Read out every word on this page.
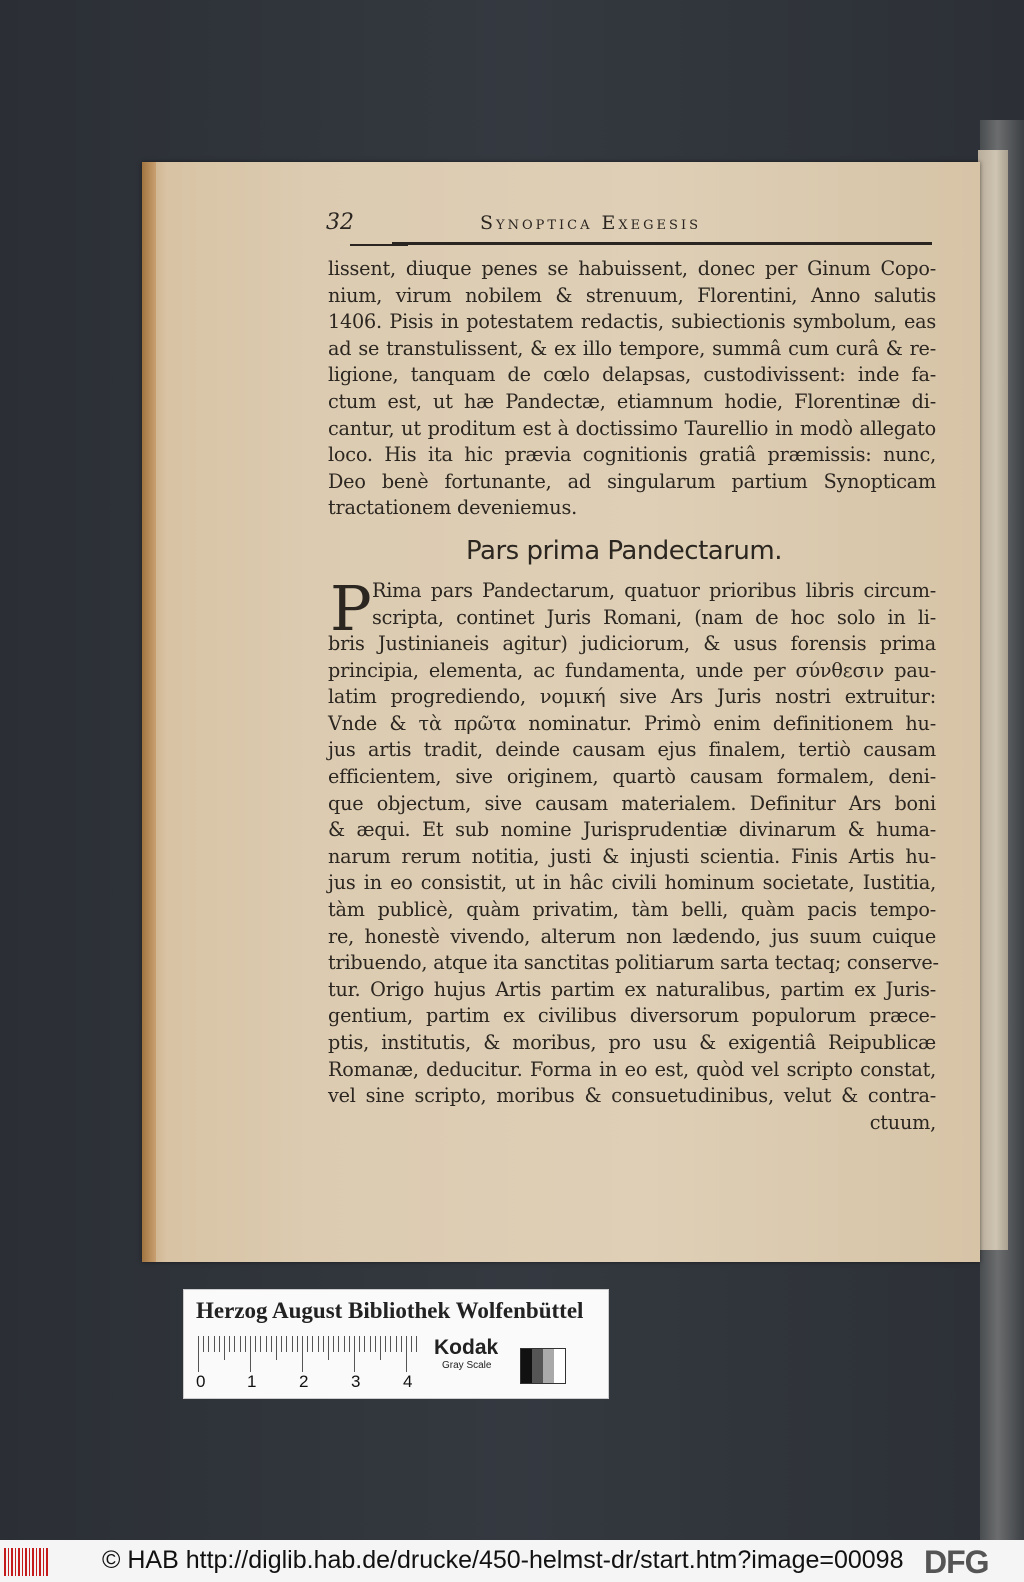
32	Synoptica Exegesis
lissent, diuque penes se habuissent, donec per Ginum Copo-
nium, virum nobilem & strenuum, Florentini, Anno salutis
1406. Pisis in potestatem redactis, subiectionis symbolum, eas
ad se transtulissent, & ex illo tempore, summâ cum curâ & re-
ligione, tanquam de cœlo delapsas, custodivissent: inde fa-
ctum est, ut hæ Pandectæ, etiamnum hodie, Florentinæ di-
cantur, ut proditum est à doctissimo Taurellio in modò allegato
loco. His ita hic prævia cognitionis gratiâ præmissis: nunc,
Deo benè fortunante, ad singularum partium Synopticam
tractationem deveniemus.
Pars prima Pandectarum.
P Rima pars Pandectarum, quatuor prioribus libris circum-
scripta, continet Juris Romani, (nam de hoc solo in li-
bris Justinianeis agitur) judiciorum, & usus forensis prima
principia, elementa, ac fundamenta, unde per σύνθεσιν pau-
latim progrediendo, νομική sive Ars Juris nostri extruitur:
Vnde & τὰ πρῶτα nominatur. Primò enim definitionem hu-
jus artis tradit, deinde causam ejus finalem, tertiò causam
efficientem, sive originem, quartò causam formalem, deni-
que objectum, sive causam materialem. Definitur Ars boni
& æqui. Et sub nomine Jurisprudentiæ divinarum & huma-
narum rerum notitia, justi & injusti scientia. Finis Artis hu-
jus in eo consistit, ut in hâc civili hominum societate, Iustitia,
tàm publicè, quàm privatim, tàm belli, quàm pacis tempo-
re, honestè vivendo, alterum non lædendo, jus suum cuique
tribuendo, atque ita sanctitas politiarum sarta tectaq; conserve-
tur. Origo hujus Artis partim ex naturalibus, partim ex Juris-
gentium, partim ex civilibus diversorum populorum præce-
ptis, institutis, & moribus, pro usu & exigentiâ Reipublicæ
Romanæ, deducitur. Forma in eo est, quòd vel scripto constat,
vel sine scripto, moribus & consuetudinibus, velut & contra-
ctuum,
Herzog August Bibliothek Wolfenbüttel
0 1	2	3	4
Kodak
Gray Scale
© HAB http://diglib.hab.de/drucke/450-helmst-dr/start.htm?image=00098 DFG
